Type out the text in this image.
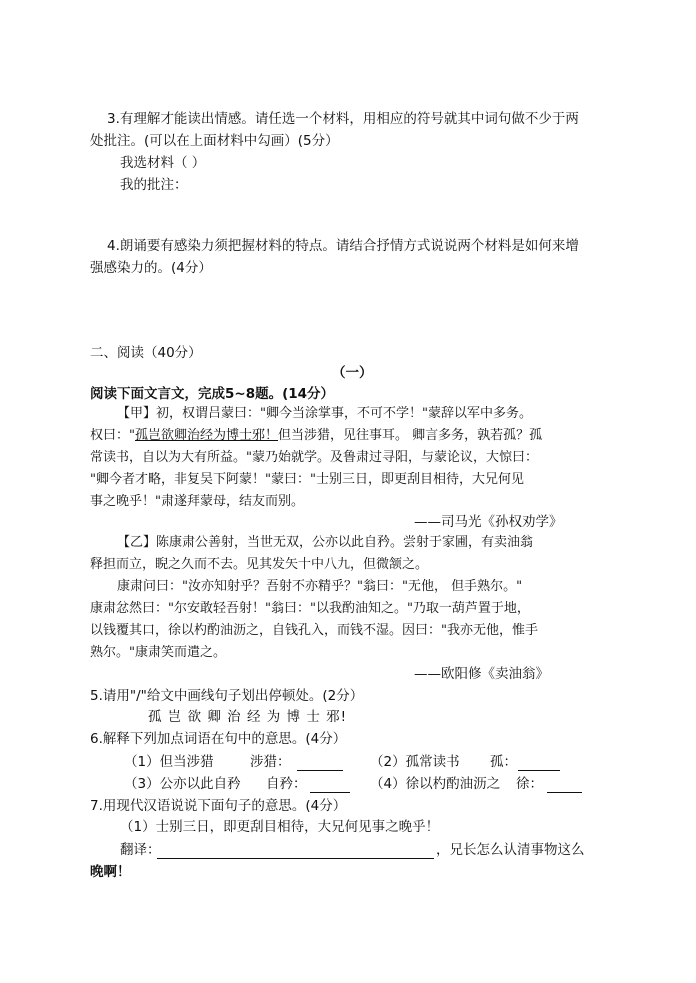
3.有理解才能读出情感。请任选一个材料，用相应的符号就其中词句做不少于两
处批注。(可以在上面材料中勾画）(5分）
我选材料（ ）
我的批注：
4.朗诵要有感染力须把握材料的特点。请结合抒情方式说说两个材料是如何来增
强感染力的。(4分）
二、阅读（40分）
（一）
阅读下面文言文，完成5~8题。(14分）
【甲】初，权谓吕蒙曰："卿今当涂掌事，不可不学！"蒙辞以军中多务。
权曰："孤岂欲卿治经为博士邪！但当涉猎，见往事耳。 卿言多务，孰若孤？孤
常读书，自以为大有所益。"蒙乃始就学。及鲁肃过寻阳，与蒙论议，大惊曰：
"卿今者才略，非复吴下阿蒙！"蒙曰："士别三日，即更刮目相待，大兄何见
事之晚乎！"肃遂拜蒙母，结友而别。
——司马光《孙权劝学》
【乙】陈康肃公善射，当世无双，公亦以此自矜。尝射于家圃，有卖油翁
释担而立，睨之久而不去。见其发矢十中八九，但微颔之。
康肃问曰："汝亦知射乎？吾射不亦精乎？"翁曰："无他， 但手熟尔。"
康肃忿然曰："尔安敢轻吾射！"翁曰："以我酌油知之。"乃取一葫芦置于地，
以钱覆其口，徐以杓酌油沥之，自钱孔入，而钱不湿。因曰："我亦无他，惟手
熟尔。"康肃笑而遣之。
——欧阳修《卖油翁》
5.请用"/"给文中画线句子划出停顿处。(2分）
孤 岂 欲 卿 治 经 为 博 士 邪!
6.解释下列加点词语在句中的意思。(4分）
（1）但当涉猎	涉猎：	（2）孤常读书 孤：
（3）公亦以此自矜 自矜：	（4）徐以杓酌油沥之 徐：
7.用现代汉语说说下面句子的意思。(4分）
（1）士别三日，即更刮目相待，大兄何见事之晚乎！
翻译：	，兄长怎么认清事物这么
晚啊！
